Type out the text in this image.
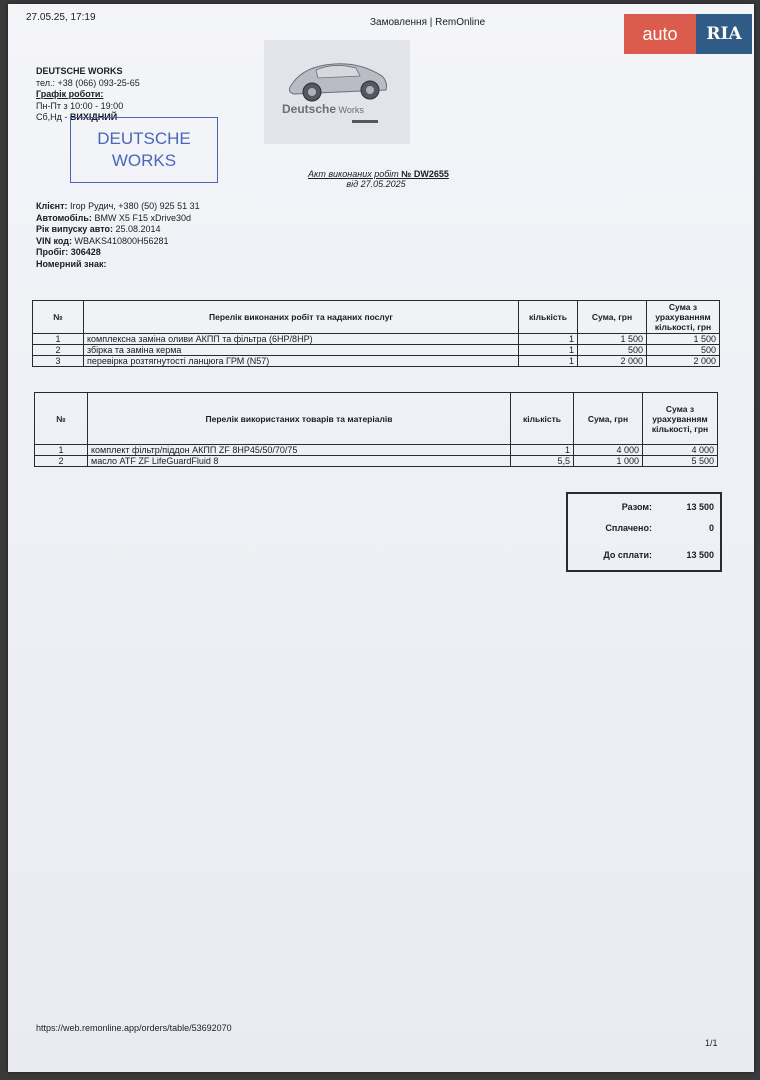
27.05.25, 17:19	Замовлення | RemOnline
DEUTSCHE WORKS
тел.: +38 (066) 093-25-65
Графік роботи:
Пн-Пт з 10:00 - 19:00
Сб,Нд - ВИХІДНИЙ
DEUTSCHE
WORKS
Deutsche Works
Акт виконаних робіт № DW2655
від 27.05.2025
Клієнт: Ігор Рудич, +380 (50) 925 51 31
Автомобіль: BMW X5 F15 xDrive30d
Рік випуску авто: 25.08.2014
VIN код: WBAKS410800H56281
Пробіг: 306428
Номерний знак:
№	Перелік виконаних робіт та наданих послуг	кількість	Сума, грн	Сума з урахуванням кількості, грн
1	комплексна заміна оливи АКПП та фільтра (6HP/8HP)	1	1 500	1 500
2	збірка та заміна керма	1	500	500
3	перевірка розтягнутості ланцюга ГРМ (N57)	1	2 000	2 000
№	Перелік використаних товарів та матеріалів	кількість	Сума, грн	Сума з урахуванням кількості, грн
1	комплект фільтр/піддон АКПП ZF 8HP45/50/70/75	1	4 000	4 000
2	масло ATF ZF LifeGuardFluid 8	5,5	1 000	5 500
Разом:	13 500
Сплачено:	0
До сплати:	13 500
https://web.remonline.app/orders/table/53692070
1/1
auto	RIA
